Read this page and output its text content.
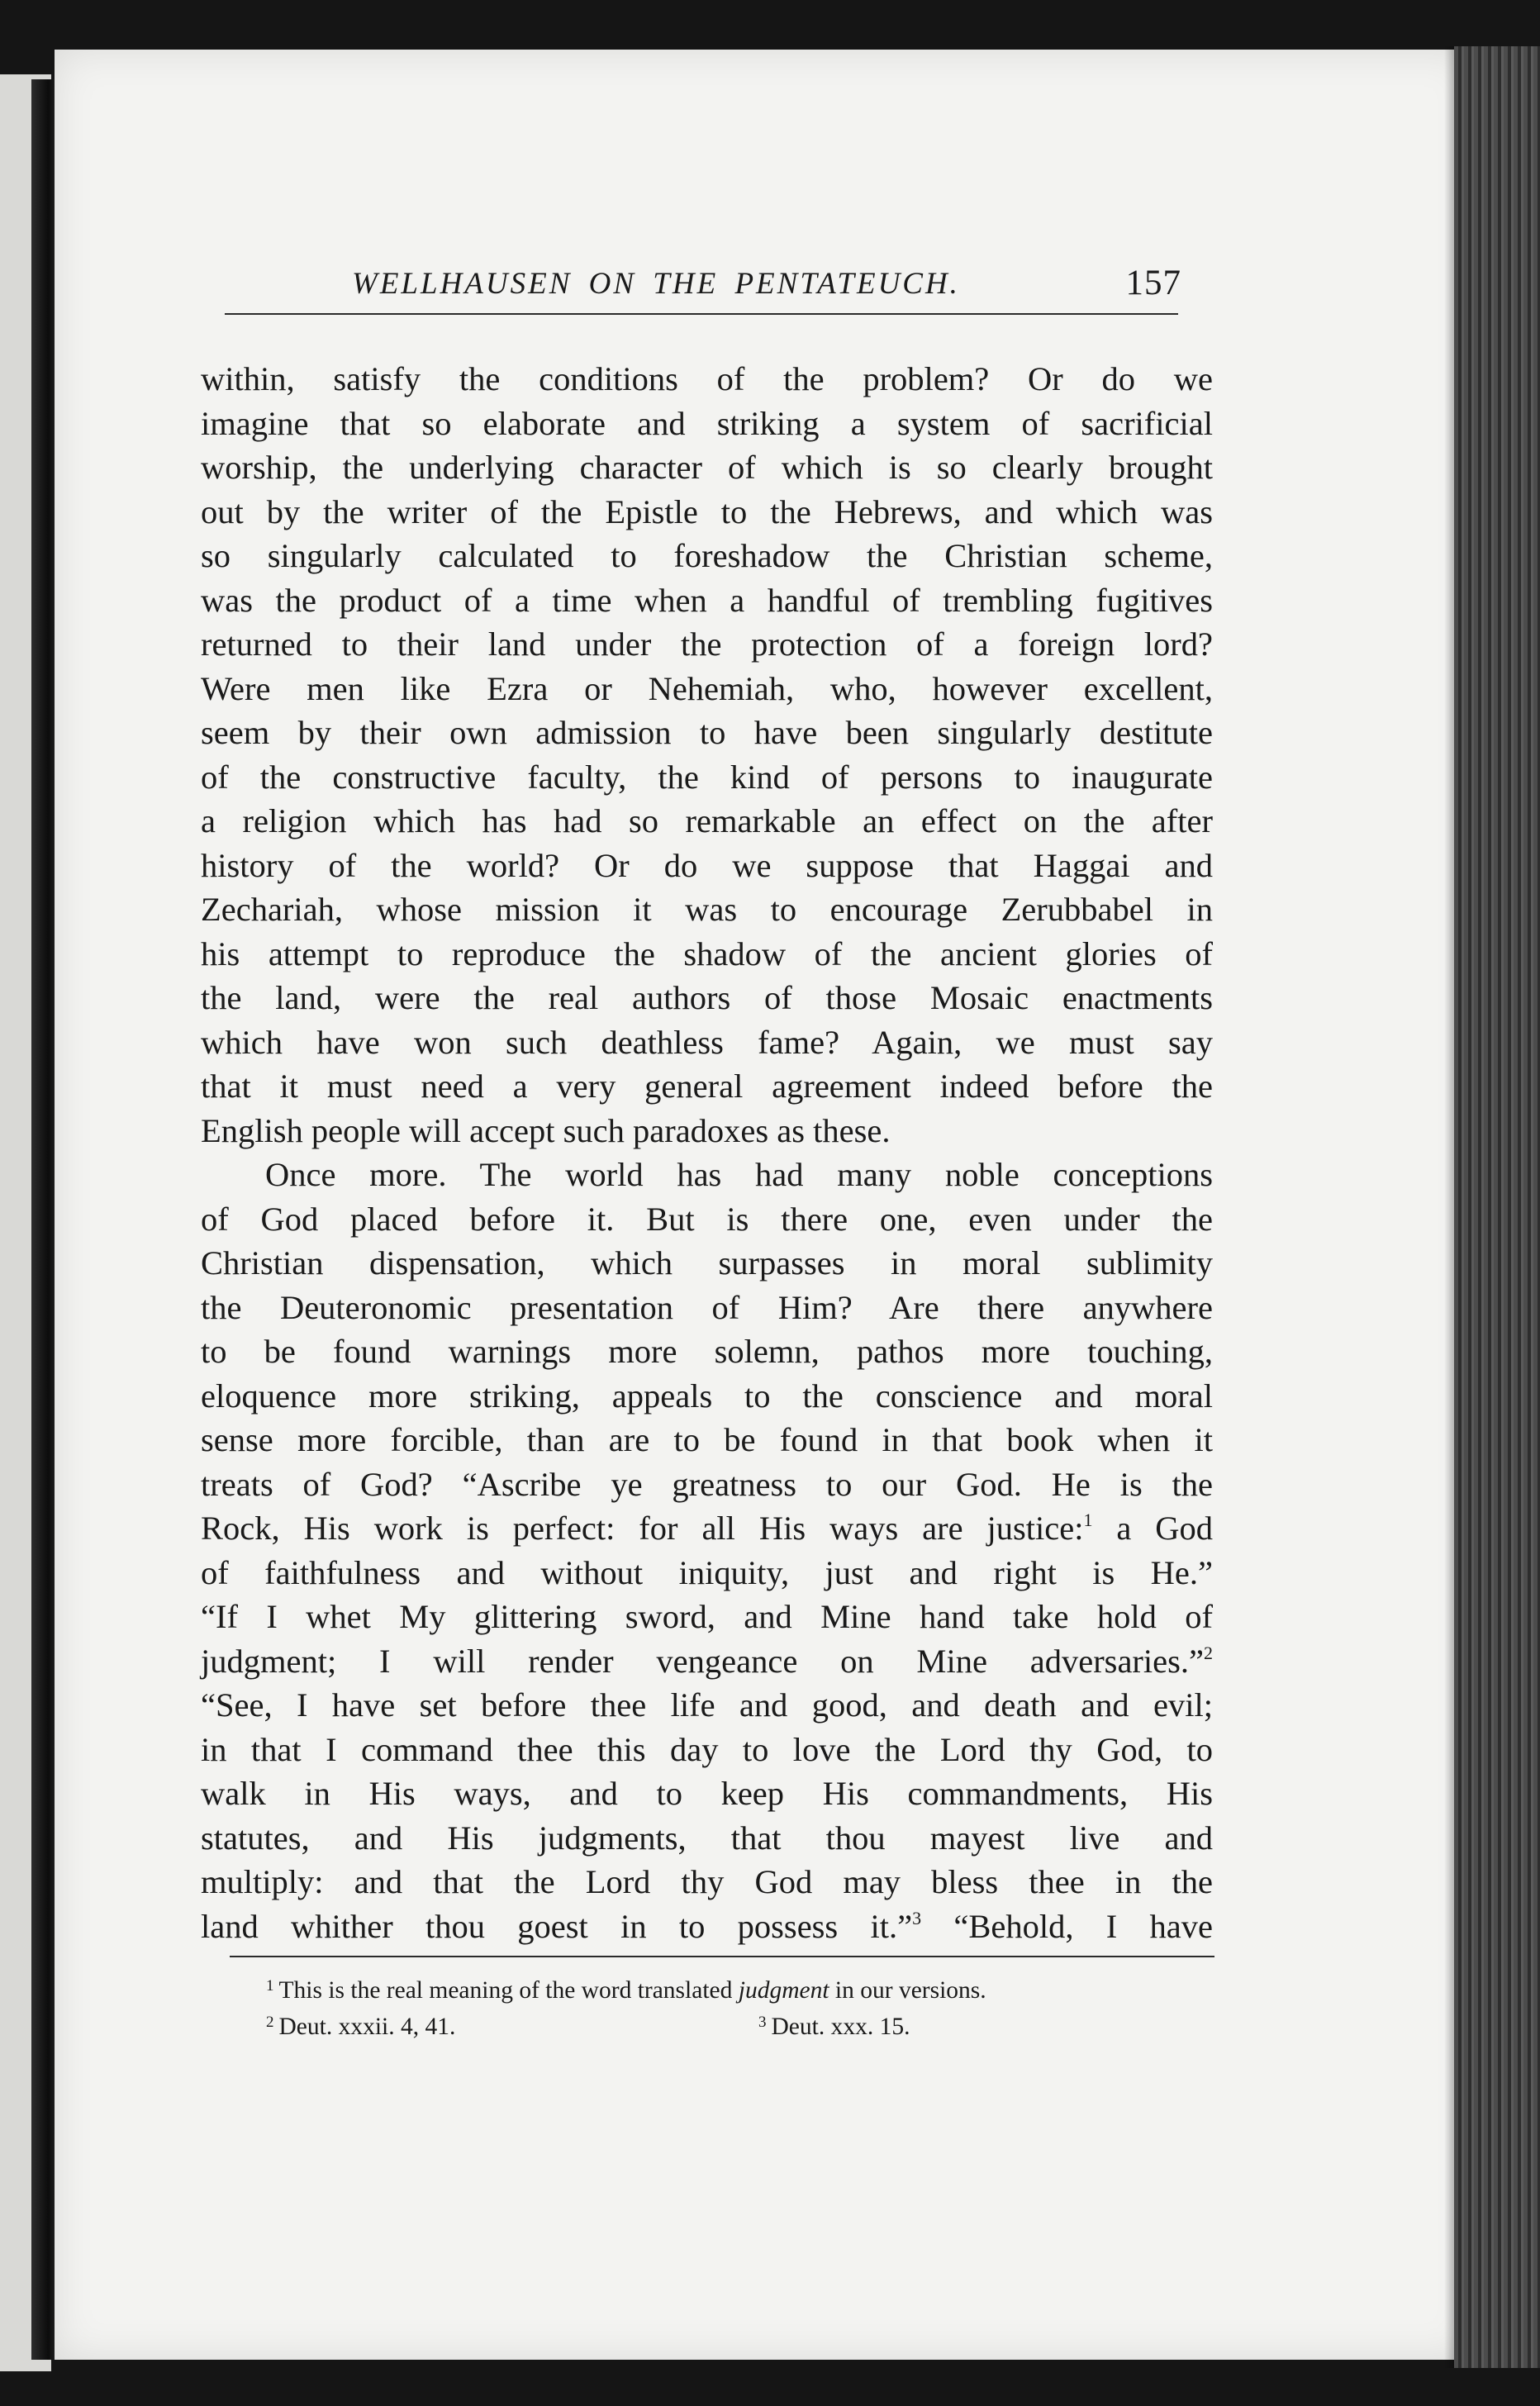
WELLHAUSEN ON THE PENTATEUCH.	157
within, satisfy the conditions of the problem? Or do we
imagine that so elaborate and striking a system of sacrificial
worship, the underlying character of which is so clearly brought
out by the writer of the Epistle to the Hebrews, and which was
so singularly calculated to foreshadow the Christian scheme,
was the product of a time when a handful of trembling fugitives
returned to their land under the protection of a foreign lord?
Were men like Ezra or Nehemiah, who, however excellent,
seem by their own admission to have been singularly destitute
of the constructive faculty, the kind of persons to inaugurate
a religion which has had so remarkable an effect on the after
history of the world? Or do we suppose that Haggai and
Zechariah, whose mission it was to encourage Zerubbabel in
his attempt to reproduce the shadow of the ancient glories of
the land, were the real authors of those Mosaic enactments
which have won such deathless fame? Again, we must say
that it must need a very general agreement indeed before the
English people will accept such paradoxes as these.
Once more. The world has had many noble conceptions
of God placed before it. But is there one, even under the
Christian dispensation, which surpasses in moral sublimity
the Deuteronomic presentation of Him? Are there anywhere
to be found warnings more solemn, pathos more touching,
eloquence more striking, appeals to the conscience and moral
sense more forcible, than are to be found in that book when it
treats of God? “Ascribe ye greatness to our God. He is the
Rock, His work is perfect: for all His ways are justice:$^1$ a God
of faithfulness and without iniquity, just and right is He.”
“If I whet My glittering sword, and Mine hand take hold of
judgment; I will render vengeance on Mine adversaries.”$^2$
“See, I have set before thee life and good, and death and evil;
in that I command thee this day to love the Lord thy God, to
walk in His ways, and to keep His commandments, His
statutes, and His judgments, that thou mayest live and
multiply: and that the Lord thy God may bless thee in the
land whither thou goest in to possess it.”$^3$ “Behold, I have
$^1$ This is the real meaning of the word translated judgment in our versions.
$^2$ Deut. xxxii. 4, 41.	$^3$ Deut. xxx. 15.
